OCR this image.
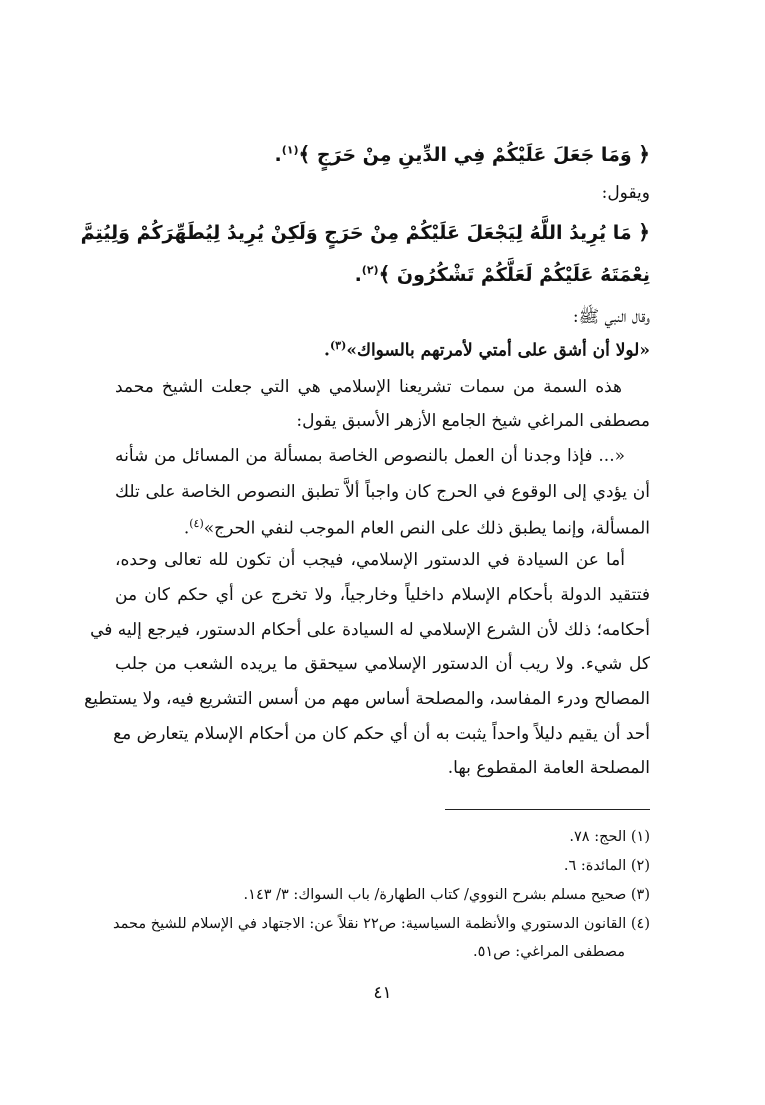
﴿ وَمَا جَعَلَ عَلَيْكُمْ فِي الدِّينِ مِنْ حَرَجٍ ﴾$^{(١)}$.

ويقول:

﴿ مَا يُرِيدُ اللَّهُ لِيَجْعَلَ عَلَيْكُمْ مِنْ حَرَجٍ وَلَكِنْ يُرِيدُ لِيُطَهِّرَكُمْ وَلِيُتِمَّ

نِعْمَتَهُ عَلَيْكُمْ لَعَلَّكُمْ تَشْكُرُونَ ﴾$^{(٢)}$.

وقال النبي ﷺ:

«لولا أن أشق على أمتي لأمرتهم بالسواك»$^{(٣)}$.

هذه السمة من سمات تشريعنا الإسلامي هي التي جعلت الشيخ محمد

مصطفى المراغي شيخ الجامع الأزهر الأسبق يقول:

«... فإذا وجدنا أن العمل بالنصوص الخاصة بمسألة من المسائل من شأنه

أن يؤدي إلى الوقوع في الحرج كان واجباً ألاَّ تطبق النصوص الخاصة على تلك

المسألة، وإنما يطبق ذلك على النص العام الموجب لنفي الحرج»$^{(٤)}$.

أما عن السيادة في الدستور الإسلامي، فيجب أن تكون لله تعالى وحده،

فتتقيد الدولة بأحكام الإسلام داخلياً وخارجياً، ولا تخرج عن أي حكم كان من

أحكامه؛ ذلك لأن الشرع الإسلامي له السيادة على أحكام الدستور، فيرجع إليه في

كل شيء. ولا ريب أن الدستور الإسلامي سيحقق ما يريده الشعب من جلب

المصالح ودرء المفاسد، والمصلحة أساس مهم من أسس التشريع فيه، ولا يستطيع

أحد أن يقيم دليلاً واحداً يثبت به أن أي حكم كان من أحكام الإسلام يتعارض مع

المصلحة العامة المقطوع بها.

(١) الحج: ٧٨.
(٢) المائدة: ٦.
(٣) صحيح مسلم بشرح النووي/ كتاب الطهارة/ باب السواك: ٣/ ١٤٣.
(٤) القانون الدستوري والأنظمة السياسية: ص٢٢ نقلاً عن: الاجتهاد في الإسلام للشيخ محمد
مصطفى المراغي: ص٥١.
٤١
